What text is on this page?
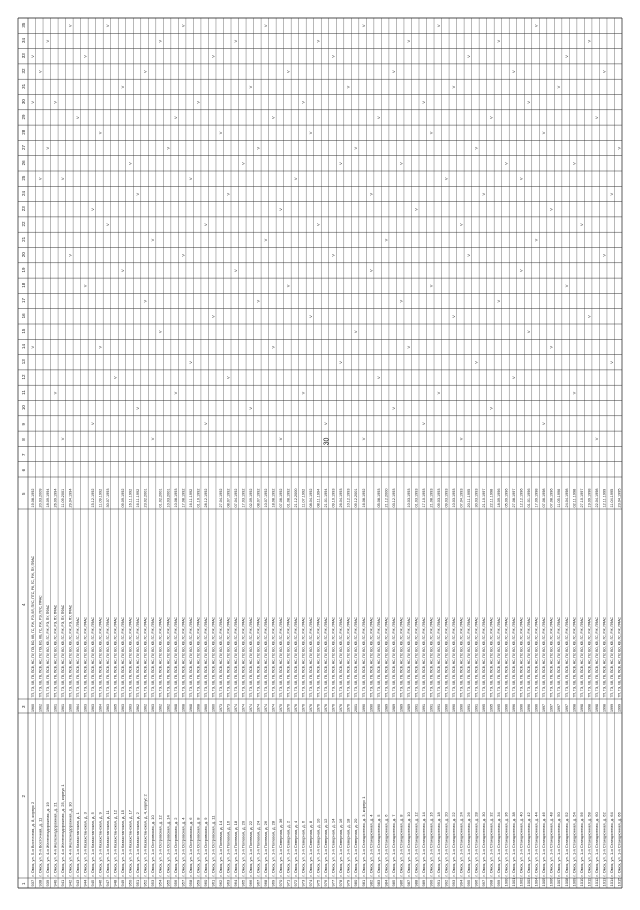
30
1
2
3
4
5
6
7
8
9
10
11
12
13
14
15
16
17
18
19
20
21
22
23
24
25
26
27
28
29
30
31
32
33
34
35
937
г. Омск, ул. 5-я Восточная, д. 8, корпус 2
1960
ТП, ТЭ, ХВ, ГВ, ПСВ, НС, ПУ, ПЭ, ВО, КВ, ГС, РЖ, РЭ, ВЛ, ПУС, ПТС, РК, ГС, РЖ, ПУ, ПФАС
19.08.1992
V
V
V
938
г. Омск, ул. 5-я Восточная, д. 11
1962
ТП, ТЭ, ХВ, ГВ, ПСВ, НС, ПУ, ПЭ, ВО, КВ, ГС, РЖ, РЭ, ПУС, ПФАС
20.03.2009
V
V
939
г. Омск, ул. 4-я Железнодорожная, д. 19
1960
ТП, ТЭ, ХВ, ГВ, ПСВ, НС, ПУ, ВО, КВ, ГС, РЖ, РЭ, ПУ, ПФАС
18.09.1994
V
V
940
г. Омск, ул. 4-я Железнодорожная, д. 21
1961
ТП, ТЭ, ХВ, ГВ, ПСВ, НС, ПУ, ВО, КВ, ГС, РЖ, РЭ, ПУ, ПФАС
26.09.1994
V
V
941
г. Омск, ул. 4-я Железнодорожная, д. 25, корпус 1
1961
ТП, ТЭ, ХВ, ГВ, ПСВ, НС, ПУ, ВО, КВ, ГС, РЖ, РЭ, ПУ, ПФАС
11.09.2001
V
V
942
г. Омск, ул. 4-я Железнодорожная, д. 30
1960
ТП, ТЭ, ХВ, ГВ, ПСВ, НС, ПУ, ВО, КВ, ГС, РЖ, РЭ, ПУ, ПФАС
29.04.1994
V
V
943
г. Омск, ул. 1-я Казахстанская, д. 1
1964
ТП, ТЭ, ХВ, ГВ, ПСВ, НС, ПУ, ВО, КВ, ГС, РЖ, ПФАС
V
944
г. Омск, ул. 1-я Казахстанская, д. 3
1963
ТП, ТЭ, ХВ, ГВ, ПСВ, НС, ПУ, ВО, КВ, ГС, РЖ, ПФАС
V
V
945
г. Омск, ул. 1-я Казахстанская, д. 5
1963
ТП, ТЭ, ХВ, ГВ, ПСВ, НС, ПУ, ВО, КВ, ГС, РЖ, ПФАС
15.12.1992
V
V
946
г. Омск, ул. 1-я Казахстанская, д. 9
1964
ТП, ТЭ, ХВ, ГВ, ПСВ, НС, ПУ, ВО, КВ, ГС, РЖ, ПФАС
11.09.1992
V
V
947
г. Омск, ул. 1-я Казахстанская, д. 11
1963
ТП, ТЭ, ХВ, ГВ, ПСВ, НС, ПУ, ВО, КВ, ГС, РЖ, ПФАС
30.07.1993
V
V
948
г. Омск, ул. 1-я Казахстанская, д. 12
1965
ТП, ТЭ, ХВ, ГВ, ПСВ, НС, ПУ, ВО, КВ, ГС, РЖ, ПФАС
V
949
г. Омск, ул. 1-я Казахстанская, д. 15
1963
ТП, ТЭ, ХВ, ГВ, ПСВ, НС, ПУ, ВО, КВ, ГС, РЖ, ПФАС
09.09.1992
V
V
950
г. Омск, ул. 1-я Казахстанская, д. 17
1963
ТП, ТЭ, ХВ, ГВ, ПСВ, НС, ПУ, ВО, КВ, ГС, РЖ, ПФАС
16.11.1992
V
951
г. Омск, ул. 1-я Казахстанская, д. 2
1962
ТП, ТЭ, ХВ, ГВ, ПСВ, НС, ПУ, ВО, КВ, ГС, РЖ, ПФАС
16.11.1992
V
V
952
г. Омск, ул. 1-я Казахстанская, д. 4, корпус 2
1962
ТП, ТЭ, ХВ, ГВ, ПСВ, НС, ПУ, ВО, КВ, ГС, РЖ, ПФАС
23.02.2001
V
V
953
г. Омск, ул. 1-я Островская, д. 10
1963
ТП, ТЭ, ХВ, ГВ, ПСВ, НС, ПУ, ВО, КВ, ГС, РЖ, ПФАС
V
V
954
г. Омск, ул. 1-я Островская, д. 12
1962
ТП, ТЭ, ХВ, ГВ, ПСВ, НС, ПУ, ВО, КВ, ГС, РЖ, ПФАС
01.02.2001
V
V
955
г. Омск, ул. 1-я Островская, д. 14
1962
ТП, ТЭ, ХВ, ГВ, ПСВ, НС, ПУ, ВО, КВ, ГС, РЖ, ПФАС
10.03.2001
V
956
г. Омск, ул. 1-я Островская, д. 2
1968
ТП, ТЭ, ХВ, ГВ, ПСВ, НС, ПУ, ВО, КВ, ГС, РЖ, ПФАС
10.08.1993
V
V
957
г. Омск, ул. 1-я Островская, д. 4
1968
ТП, ТЭ, ХВ, ГВ, ПСВ, НС, ПУ, ВО, КВ, ГС, РЖ, ПФАС
17.08.1992
V
V
958
г. Омск, ул. 1-я Островская, д. 6
1968
ТП, ТЭ, ХВ, ГВ, ПСВ, НС, ПУ, ВО, КВ, ГС, РЖ, ПФАС
16.11.1992
V
V
959
г. Омск, ул. 1-я Островская, д. 8
1968
ТП, ТЭ, ХВ, ГВ, ПСВ, НС, ПУ, ВО, КВ, ГС, РЖ, ПФАС
01.10.1992
V
960
г. Омск, ул. 1-я Островская, д. 9
1960
ТП, ТЭ, ХВ, ГВ, ПСВ, НС, ПУ, ВО, КВ, ГС, РЖ, ПФАС
28.12.1992
V
V
961
г. Омск, ул. 1-я Островская, д. 11
1960
ТП, ТЭ, ХВ, ГВ, ПСВ, НС, ПУ, ВО, КВ, ГС, РЖ, ПФАС
V
V
962
г. Омск, ул. 1-я Полевая, д. 14
1973
ТП, ТЭ, ХВ, ГВ, ПСВ, НС, ПУ, ВО, КВ, ГС, РЖ, ПФАС
27.04.1992
V
963
г. Омск, ул. 1-я Полевая, д. 16
1973
ТП, ТЭ, ХВ, ГВ, ПСВ, НС, ПУ, ВО, КВ, ГС, РЖ, ПФАС
08.07.1992
V
V
964
г. Омск, ул. 1-я Полевая, д. 18
1974
ТП, ТЭ, ХВ, ГВ, ПСВ, НС, ПУ, ВО, КВ, ГС, РЖ, ПФАС
07.04.1992
V
V
965
г. Омск, ул. 1-я Полевая, д. 20
1974
ТП, ТЭ, ХВ, ГВ, ПСВ, НС, ПУ, ВО, КВ, ГС, РЖ, ПФАС
17.03.1992
V
966
г. Омск, ул. 1-я Полевая, д. 22
1974
ТП, ТЭ, ХВ, ГВ, ПСВ, НС, ПУ, ВО, КВ, ГС, РЖ, ПФАС
02.09.1992
V
V
967
г. Омск, ул. 1-я Полевая, д. 24
1974
ТП, ТЭ, ХВ, ГВ, ПСВ, НС, ПУ, ВО, КВ, ГС, РЖ, ПФАС
08.07.1992
V
V
968
г. Омск, ул. 1-я Полевая, д. 26
1974
ТП, ТЭ, ХВ, ГВ, ПСВ, НС, ПУ, ВО, КВ, ГС, РЖ, ПФАС
10.07.1992
V
V
969
г. Омск, ул. 1-я Полевая, д. 28
1974
ТП, ТЭ, ХВ, ГВ, ПСВ, НС, ПУ, ВО, КВ, ГС, РЖ, ПФАС
18.08.1992
V
V
970
г. Омск, ул. 1-я Северная, д. 36
1970
ТП, ТЭ, ХВ, ГВ, ПСВ, НС, ПУ, ВО, КВ, ГС, РЖ, ПФАС
07.06.1992
V
V
971
г. Омск, ул. 1-я Северная, д. 2
1970
ТП, ТЭ, ХВ, ГВ, ПСВ, НС, ПУ, ВО, КВ, ГС, РЖ, ПФАС
01.08.1992
V
V
972
г. Омск, ул. 1-я Северная, д. 4
1976
ТП, ТЭ, ХВ, ГВ, ПСВ, НС, ПУ, ВО, КВ, ГС, РЖ, ПФАС
21.12.2000
V
973
г. Омск, ул. 1-я Северная, д. 6
1976
ТП, ТЭ, ХВ, ГВ, ПСВ, НС, ПУ, ВО, КВ, ГС, РЖ, ПФАС
11.07.1992
V
V
974
г. Омск, ул. 1-я Северная, д. 8
1976
ТП, ТЭ, ХВ, ГВ, ПСВ, НС, ПУ, ВО, КВ, ГС, РЖ, ПФАС
08.04.1992
V
V
975
г. Омск, ул. 1-я Северная, д. 10
1976
ТП, ТЭ, ХВ, ГВ, ПСВ, НС, ПУ, ВО, КВ, ГС, РЖ, ПФАС
08.11.1994
V
V
976
г. Омск, ул. 1-я Северная, д. 12
1976
ТП, ТЭ, ХВ, ГВ, ПСВ, НС, ПУ, ВО, КВ, ГС, РЖ, ПФАС
21.01.1994
V
977
г. Омск, ул. 1-я Северная, д. 14
1976
ТП, ТЭ, ХВ, ГВ, ПСВ, НС, ПУ, ВО, КВ, ГС, РЖ, ПФАС
09.10.1993
V
V
978
г. Омск, ул. 1-я Северная, д. 16
1976
ТП, ТЭ, ХВ, ГВ, ПСВ, НС, ПУ, ВО, КВ, ГС, РЖ, ПФАС
26.04.1993
V
V
979
г. Омск, ул. 1-я Северная, д. 18
1976
ТП, ТЭ, ХВ, ГВ, ПСВ, НС, ПУ, ВО, КВ, ГС, РЖ, ПФАС
10.12.1993
V
980
г. Омск, ул. 1-я Северная, д. 20
2001
ТП, ТЭ, ХВ, ГВ, ПСВ, НС, ПУ, ВО, КВ, ГС, РЖ, ПФАС
09.12.2001
V
V
981
г. Омск, ул. 1-я Станционная, д. 3, корпус 1
1990
ТП, ТЭ, ХВ, ГВ, ПСВ, НС, ПУ, ВО, КВ, ГС, РЖ, ПФАС
16.08.1992
V
V
982
г. Омск, ул. 1-я Станционная, д. 4
1990
ТП, ТЭ, ХВ, ГВ, ПСВ, НС, ПУ, ВО, КВ, ГС, РЖ, ПФАС
V
V
983
г. Омск, ул. 1-я Станционная, д. 5
1990
ТП, ТЭ, ХВ, ГВ, ПСВ, НС, ПУ, ВО, КВ, ГС, РЖ, ПФАС
05.08.1993
V
V
984
г. Омск, ул. 1-я Станционная, д. 6
1989
ТП, ТЭ, ХВ, ГВ, ПСВ, НС, ПУ, ВО, КВ, ГС, РЖ, ПФАС
21.12.2000
V
985
г. Омск, ул. 1-я Станционная, д. 7
1989
ТП, ТЭ, ХВ, ГВ, ПСВ, НС, ПУ, ВО, КВ, ГС, РЖ, ПФАС
03.12.1993
V
V
986
г. Омск, ул. 1-я Станционная, д. 8
1989
ТП, ТЭ, ХВ, ГВ, ПСВ, НС, ПУ, ВО, КВ, ГС, РЖ, ПФАС
V
V
987
г. Омск, ул. 1-я Станционная, д. 10
1989
ТП, ТЭ, ХВ, ГВ, ПСВ, НС, ПУ, ВО, КВ, ГС, РЖ, ПФАС
10.03.1993
V
V
988
г. Омск, ул. 1-я Станционная, д. 12
1991
ТП, ТЭ, ХВ, ГВ, ПСВ, НС, ПУ, ВО, КВ, ГС, РЖ, ПФАС
01.03.1993
V
989
г. Омск, ул. 1-я Станционная, д. 14
1991
ТП, ТЭ, ХВ, ГВ, ПСВ, НС, ПУ, ВО, КВ, ГС, РЖ, ПФАС
17.10.1993
V
V
990
г. Омск, ул. 1-я Станционная, д. 16
1991
ТП, ТЭ, ХВ, ГВ, ПСВ, НС, ПУ, ВО, КВ, ГС, РЖ, ПФАС
21.08.1993
V
V
991
г. Омск, ул. 1-я Станционная, д. 18
1991
ТП, ТЭ, ХВ, ГВ, ПСВ, НС, ПУ, ВО, КВ, ГС, РЖ, ПФАС
09.03.1993
V
V
992
г. Омск, ул. 1-я Станционная, д. 20
1990
ТП, ТЭ, ХВ, ГВ, ПСВ, НС, ПУ, ВО, КВ, ГС, РЖ, ПФАС
09.03.1993
V
993
г. Омск, ул. 1-я Станционная, д. 22
1990
ТП, ТЭ, ХВ, ГВ, ПСВ, НС, ПУ, ВО, КВ, ГС, РЖ, ПФАС
10.03.1993
V
V
994
г. Омск, ул. 1-я Станционная, д. 24
1990
ТП, ТЭ, ХВ, ГВ, ПСВ, НС, ПУ, ВО, КВ, ГС, РЖ, ПФАС
07.04.1993
V
V
995
г. Омск, ул. 1-я Станционная, д. 26
1991
ТП, ТЭ, ХВ, ГВ, ПСВ, НС, ПУ, ВО, КВ, ГС, РЖ, ПФАС
20.11.1995
V
V
996
г. Омск, ул. 1-я Станционная, д. 28
1991
ТП, ТЭ, ХВ, ГВ, ПСВ, НС, ПУ, ВО, КВ, ГС, РЖ, ПФАС
30.03.1993
V
V
997
г. Омск, ул. 1-я Станционная, д. 30
1995
ТП, ТЭ, ХВ, ГВ, ПСВ, НС, ПУ, ВО, КВ, ГС, РЖ, ПФАС
21.10.1997
V
998
г. Омск, ул. 1-я Станционная, д. 32
1995
ТП, ТЭ, ХВ, ГВ, ПСВ, НС, ПУ, ВО, КВ, ГС, РЖ, ПФАС
22.11.1998
V
V
999
г. Омск, ул. 1-я Станционная, д. 34
1995
ТП, ТЭ, ХВ, ГВ, ПСВ, НС, ПУ, ВО, КВ, ГС, РЖ, ПФАС
18.09.1996
V
V
1000
г. Омск, ул. 1-я Станционная, д. 36
1996
ТП, ТЭ, ХВ, ГВ, ПСВ, НС, ПУ, ВО, КВ, ГС, РЖ, ПФАС
05.09.1996
V
1001
г. Омск, ул. 1-я Станционная, д. 38
1996
ТП, ТЭ, ХВ, ГВ, ПСВ, НС, ПУ, ВО, КВ, ГС, РЖ, ПФАС
27.08.1997
V
V
1002
г. Омск, ул. 1-я Станционная, д. 40
1996
ТП, ТЭ, ХВ, ГВ, ПСВ, НС, ПУ, ВО, КВ, ГС, РЖ, ПФАС
12.12.1996
V
V
1003
г. Омск, ул. 1-я Станционная, д. 42
1996
ТП, ТЭ, ХВ, ГВ, ПСВ, НС, ПУ, ВО, КВ, ГС, РЖ, ПФАС
01.01.1996
V
V
1004
г. Омск, ул. 1-я Станционная, д. 44
1996
ТП, ТЭ, ХВ, ГВ, ПСВ, НС, ПУ, ВО, КВ, ГС, РЖ, ПФАС
17.09.1998
V
V
1005
г. Омск, ул. 1-я Станционная, д. 46
1997
ТП, ТЭ, ХВ, ГВ, ПСВ, НС, ПУ, ВО, КВ, ГС, РЖ, ПФАС
07.06.1998
V
V
1006
г. Омск, ул. 1-я Станционная, д. 48
1997
ТП, ТЭ, ХВ, ГВ, ПСВ, НС, ПУ, ВО, КВ, ГС, РЖ, ПФАС
07.08.1996
V
V
1007
г. Омск, ул. 1-я Станционная, д. 50
1997
ТП, ТЭ, ХВ, ГВ, ПСВ, НС, ПУ, ВО, КВ, ГС, РЖ, ПФАС
11.05.1996
V
1008
г. Омск, ул. 1-я Станционная, д. 52
1997
ТП, ТЭ, ХВ, ГВ, ПСВ, НС, ПУ, ВО, КВ, ГС, РЖ, ПФАС
24.04.1998
V
V
1009
г. Омск, ул. 1-я Станционная, д. 54
1998
ТП, ТЭ, ХВ, ГВ, ПСВ, НС, ПУ, ВО, КВ, ГС, РЖ, ПФАС
02.11.1998
V
V
1010
г. Омск, ул. 1-я Станционная, д. 56
1998
ТП, ТЭ, ХВ, ГВ, ПСВ, НС, ПУ, ВО, КВ, ГС, РЖ, ПФАС
27.10.1997
V
1011
г. Омск, ул. 1-я Станционная, д. 58
1998
ТП, ТЭ, ХВ, ГВ, ПСВ, НС, ПУ, ВО, КВ, ГС, РЖ, ПФАС
19.09.1998
V
V
1012
г. Омск, ул. 1-я Станционная, д. 60
1998
ТП, ТЭ, ХВ, ГВ, ПСВ, НС, ПУ, ВО, КВ, ГС, РЖ, ПФАС
22.04.1998
V
V
1013
г. Омск, ул. 1-я Станционная, д. 62
1998
ТП, ТЭ, ХВ, ГВ, ПСВ, НС, ПУ, ВО, КВ, ГС, РЖ, ПФАС
12.11.1999
V
V
1014
г. Омск, ул. 1-я Станционная, д. 64
1999
ТП, ТЭ, ХВ, ГВ, ПСВ, НС, ПУ, ВО, КВ, ГС, РЖ, ПФАС
11.04.1995
V
V
1015
г. Омск, ул. 1-я Станционная, д. 66
1999
ТП, ТЭ, ХВ, ГВ, ПСВ, НС, ПУ, ВО, КВ, ГС, РЖ, ПФАС
23.04.1995
V
